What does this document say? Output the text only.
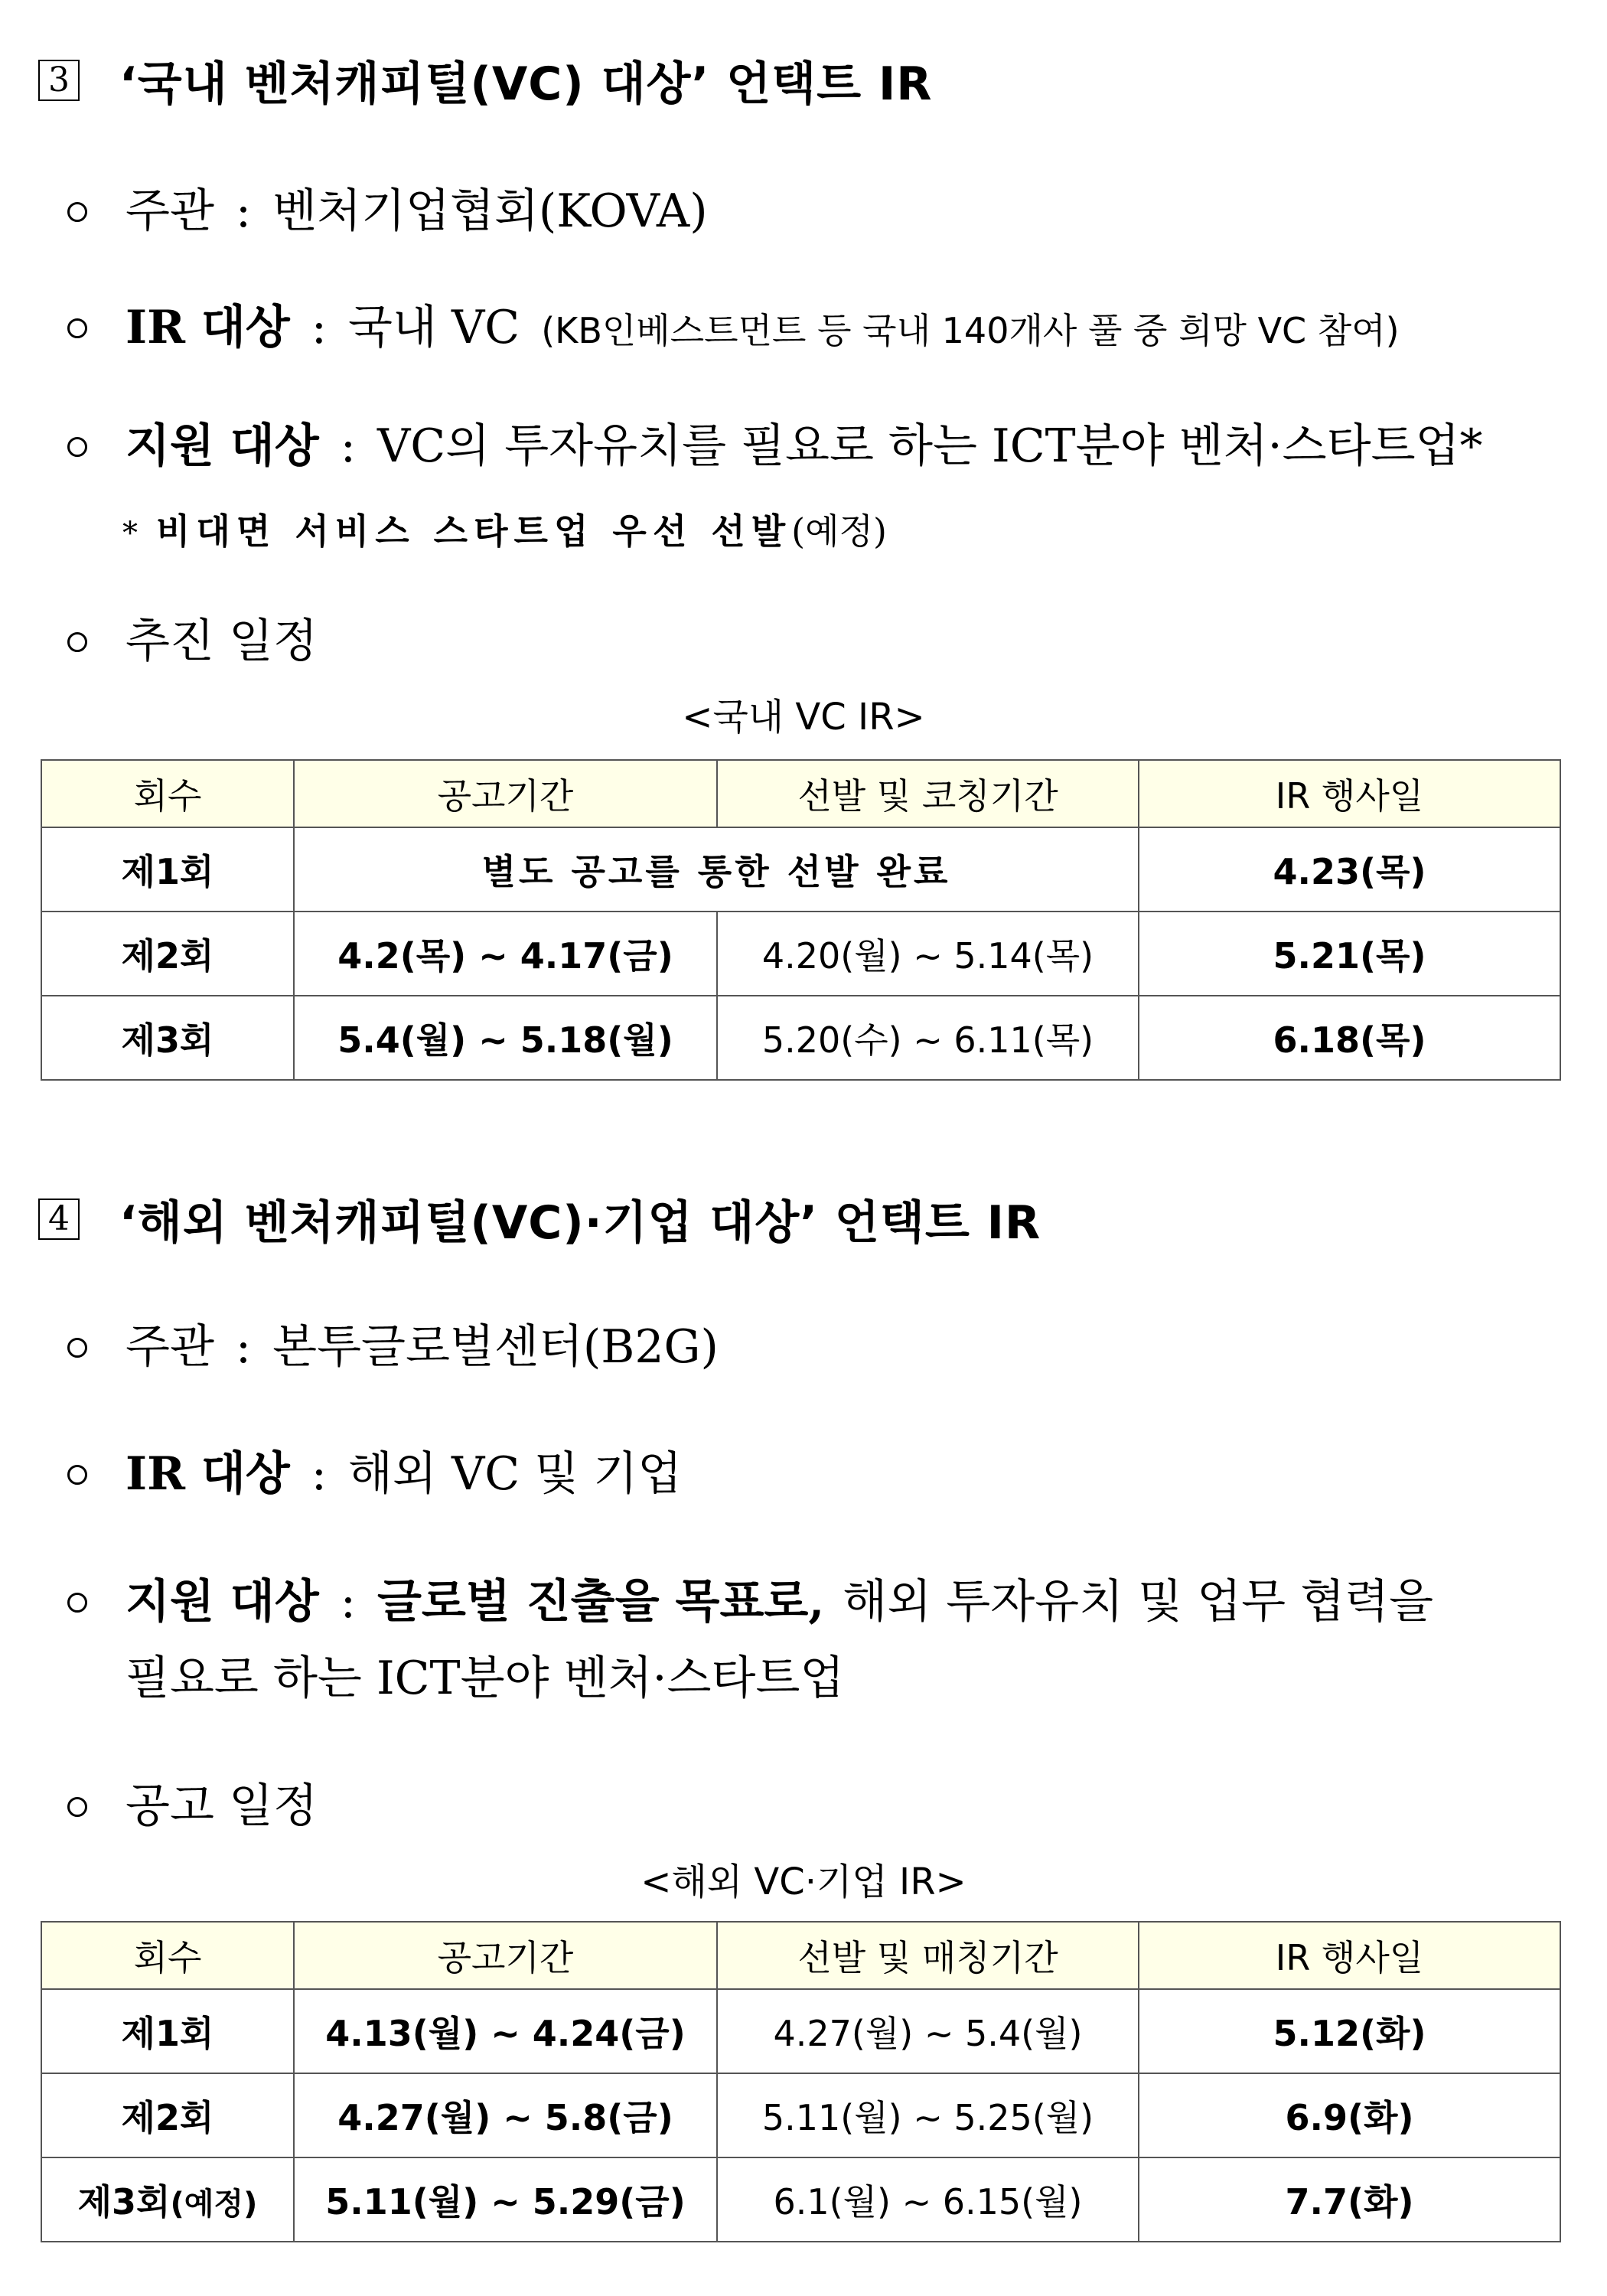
3 ‘국내 벤처캐피털(VC) 대상’ 언택트 IR
주관 : 벤처기업협회(KOVA)
IR 대상 : 국내 VC (KB인베스트먼트 등 국내 140개사 풀 중 희망 VC 참여)
지원 대상 : VC의 투자유치를 필요로 하는 ICT분야 벤처·스타트업*
* 비대면 서비스 스타트업 우선 선발(예정)
추진 일정
<국내 VC IR>
회수	공고기간	선발 및 코칭기간	IR 행사일
제1회	별도 공고를 통한 선발 완료		4.23(목)
제2회	4.2(목) ~ 4.17(금)	4.20(월) ~ 5.14(목)	5.21(목)
제3회	5.4(월) ~ 5.18(월)	5.20(수) ~ 6.11(목)	6.18(목)
4 ‘해외 벤처캐피털(VC)·기업 대상’ 언택트 IR
주관 : 본투글로벌센터(B2G)
IR 대상 : 해외 VC 및 기업
지원 대상 : 글로벌 진출을 목표로, 해외 투자유치 및 업무 협력을
필요로 하는 ICT분야 벤처·스타트업
공고 일정
<해외 VC·기업 IR>
회수	공고기간	선발 및 매칭기간	IR 행사일
제1회	4.13(월) ~ 4.24(금)	4.27(월) ~ 5.4(월)	5.12(화)
제2회	4.27(월) ~ 5.8(금)	5.11(월) ~ 5.25(월)	6.9(화)
제3회(예정)	5.11(월) ~ 5.29(금)	6.1(월) ~ 6.15(월)	7.7(화)
